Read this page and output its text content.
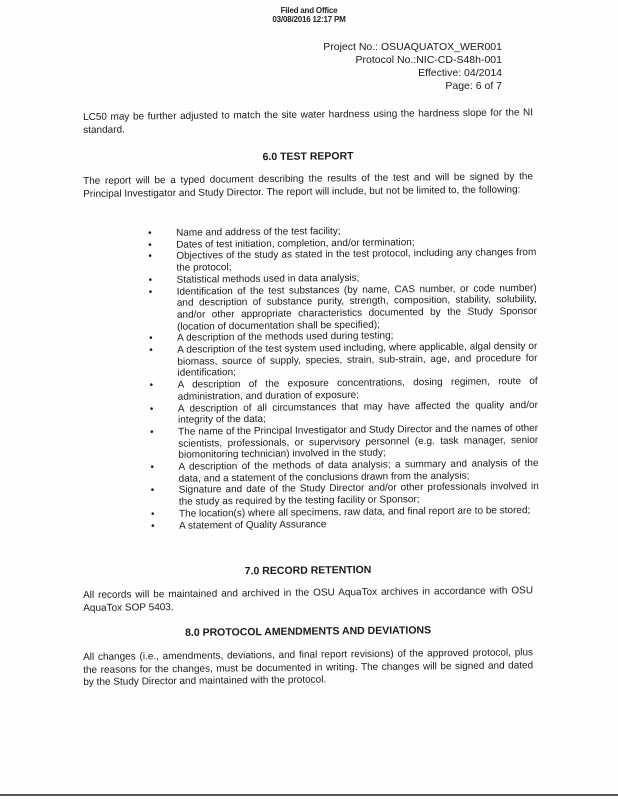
Filed and Office
03/08/2016 12:17 PM
Project No.: OSUAQUATOX_WER001
Protocol No.:NIC-CD-S48h-001
Effective: 04/2014
Page: 6 of 7

LC50 may be further adjusted to match the site water hardness using the hardness slope for the NI standard.

6.0 TEST REPORT

The report will be a typed document describing the results of the test and will be signed by the Principal Investigator and Study Director. The report will include, but not be limited to, the following:

• Name and address of the test facility;
• Dates of test initiation, completion, and/or termination;
• Objectives of the study as stated in the test protocol, including any changes from the protocol;
• Statistical methods used in data analysis;
• Identification of the test substances (by name, CAS number, or code number) and description of substance purity, strength, composition, stability, solubility, and/or other appropriate characteristics documented by the Study Sponsor (location of documentation shall be specified);
• A description of the methods used during testing;
• A description of the test system used including, where applicable, algal density or biomass, source of supply, species, strain, sub-strain, age, and procedure for identification;
• A description of the exposure concentrations, dosing regimen, route of administration, and duration of exposure;
• A description of all circumstances that may have affected the quality and/or integrity of the data;
• The name of the Principal Investigator and Study Director and the names of other scientists, professionals, or supervisory personnel (e.g. task manager, senior biomonitoring technician) involved in the study;
• A description of the methods of data analysis; a summary and analysis of the data, and a statement of the conclusions drawn from the analysis;
• Signature and date of the Study Director and/or other professionals involved in the study as required by the testing facility or Sponsor;
• The location(s) where all specimens, raw data, and final report are to be stored;
• A statement of Quality Assurance
7.0 RECORD RETENTION

All records will be maintained and archived in the OSU AquaTox archives in accordance with OSU AquaTox SOP 5403.

8.0 PROTOCOL AMENDMENTS AND DEVIATIONS

All changes (i.e., amendments, deviations, and final report revisions) of the approved protocol, plus the reasons for the changes, must be documented in writing. The changes will be signed and dated by the Study Director and maintained with the protocol.
